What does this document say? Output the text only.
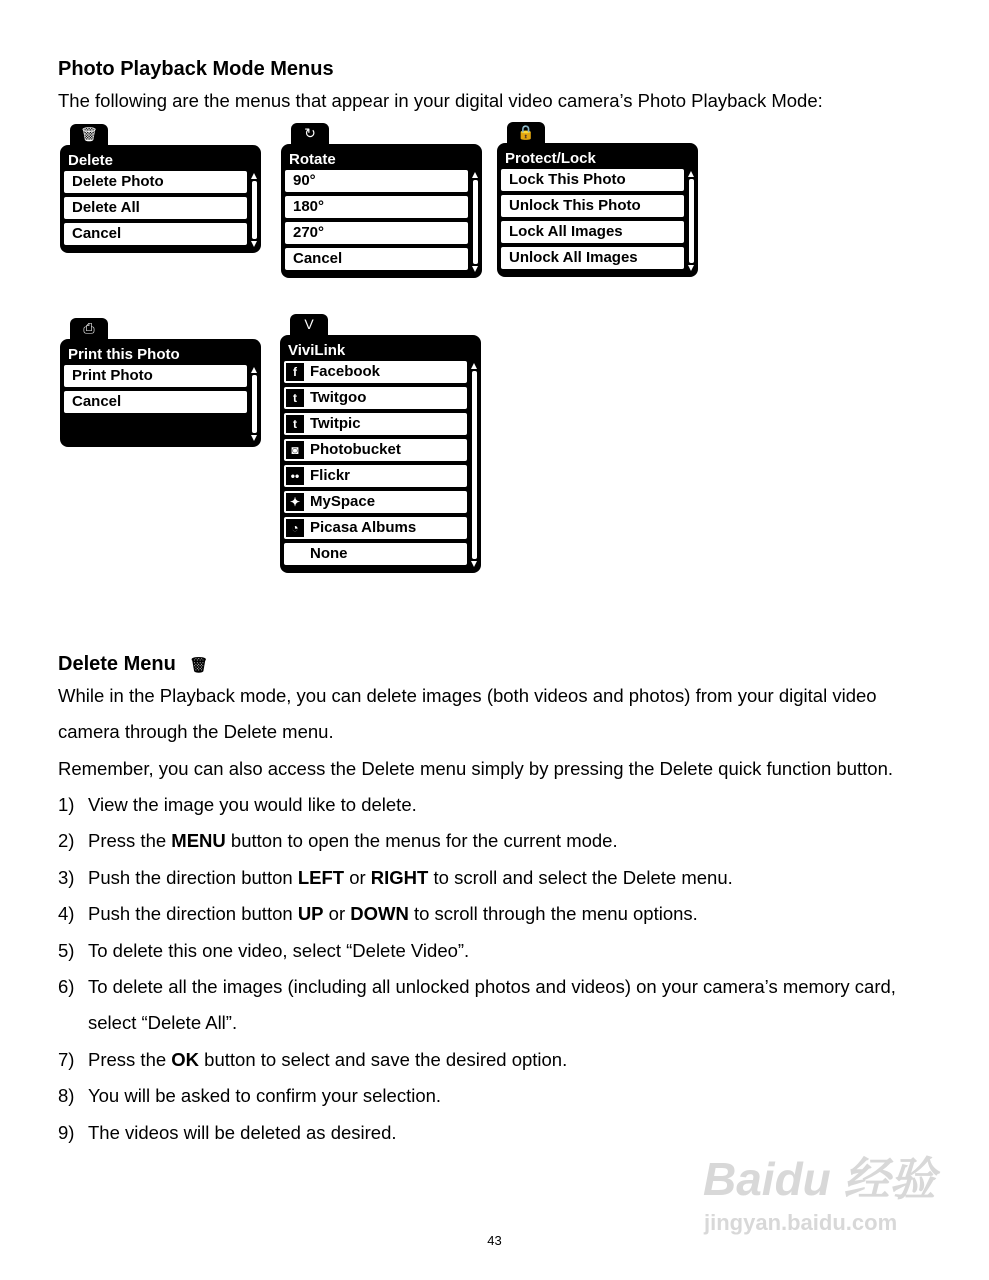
Photo Playback Mode Menus
The following are the menus that appear in your digital video camera’s Photo Playback Mode:
🗑
Delete
Delete Photo
Delete All
Cancel
↻
Rotate
90°
180°
270°
Cancel
🔒
Protect/Lock
Lock This Photo
Unlock This Photo
Lock All Images
Unlock All Images
⎙
Print this Photo
Print Photo
Cancel
V
ViviLink
f Facebook
t Twitgoo
t Twitpic
◙ Photobucket
•• Flickr
✦ MySpace
◔ Picasa Albums
None
Delete Menu 🗑
While in the Playback mode, you can delete images (both videos and photos) from your digital video
camera through the Delete menu.
Remember, you can also access the Delete menu simply by pressing the Delete quick function button.
1) View the image you would like to delete.
2) Press the MENU button to open the menus for the current mode.
3) Push the direction button LEFT or RIGHT to scroll and select the Delete menu.
4) Push the direction button UP or DOWN to scroll through the menu options.
5) To delete this one video, select “Delete Video”.
6) To delete all the images (including all unlocked photos and videos) on your camera’s memory card,
select “Delete All”.
7) Press the OK button to select and save the desired option.
8) You will be asked to confirm your selection.
9) The videos will be deleted as desired.
Baidu 经验
jingyan.baidu.com
43
